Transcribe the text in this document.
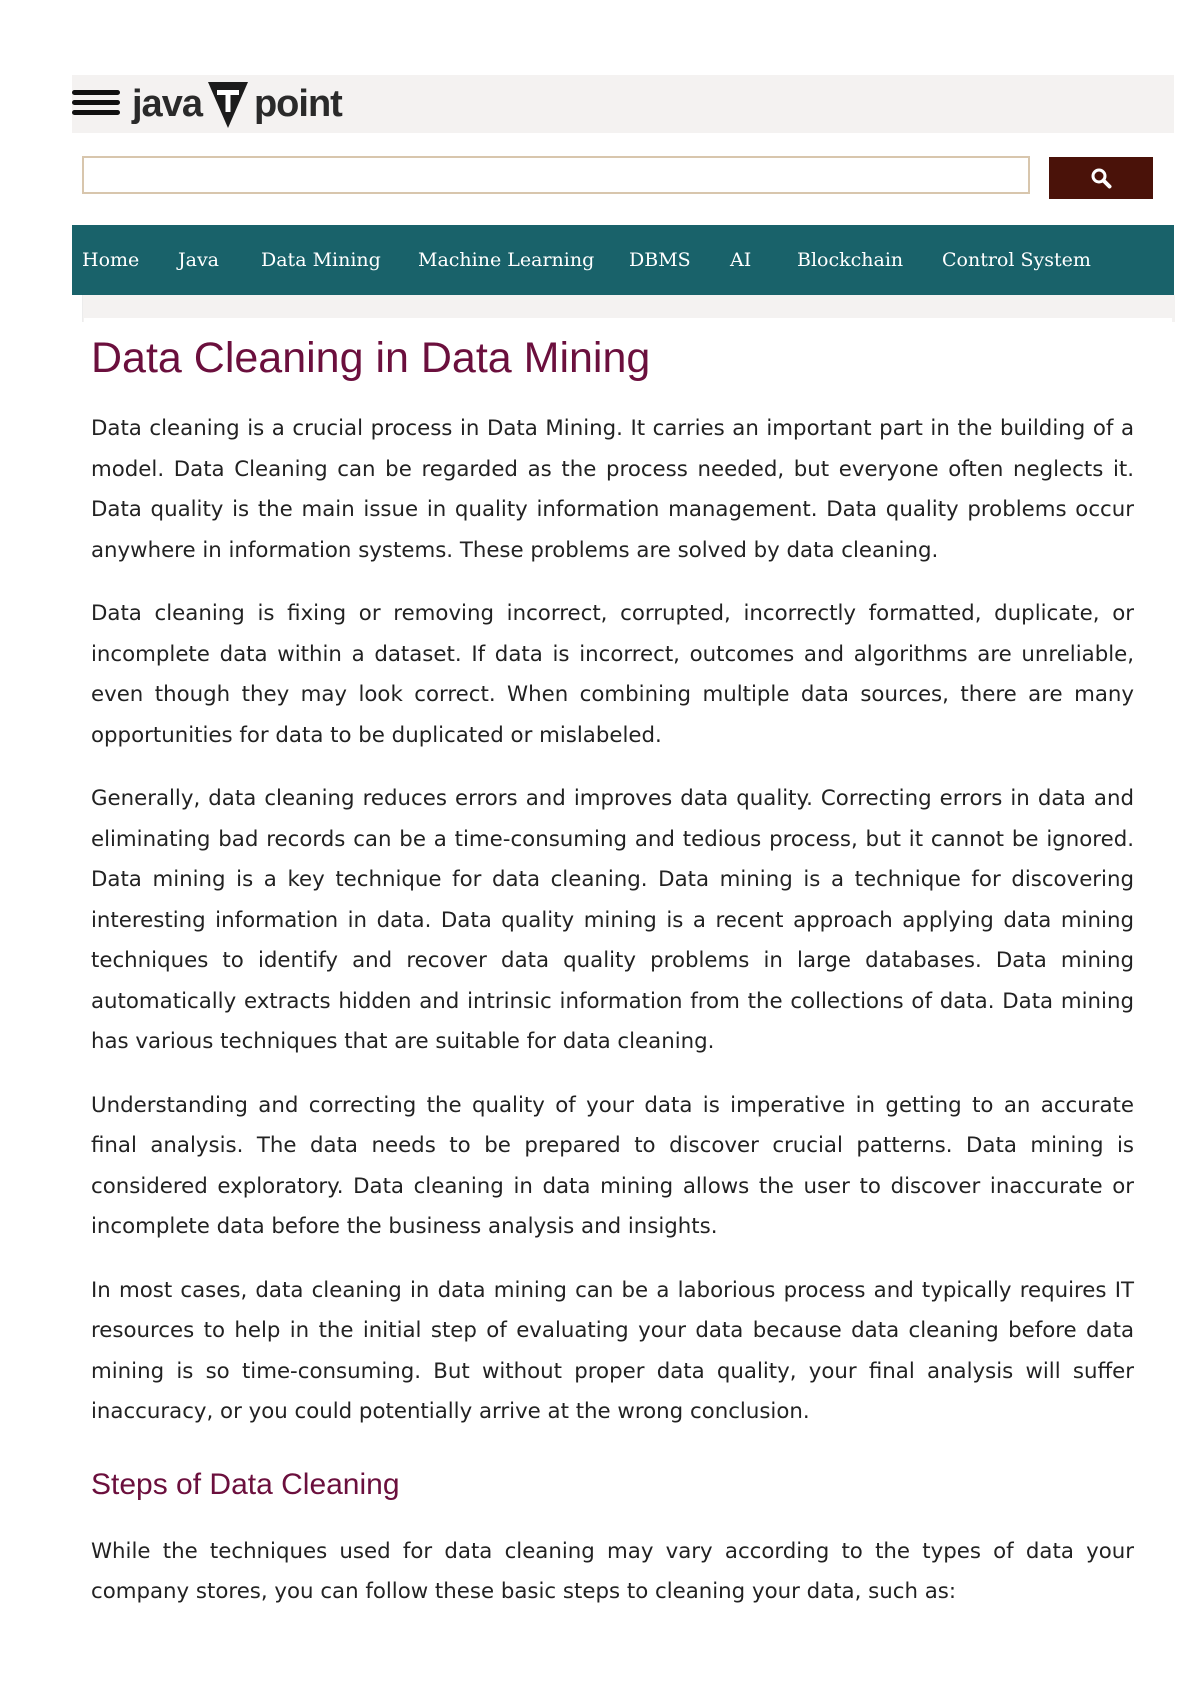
java point
Home Java Data Mining Machine Learning DBMS AI Blockchain Control System
Data Cleaning in Data Mining

Data cleaning is a crucial process in Data Mining. It carries an important part in the building of a model. Data Cleaning can be regarded as the process needed, but everyone often neglects it. Data quality is the main issue in quality information management. Data quality problems occur anywhere in information systems. These problems are solved by data cleaning.

Data cleaning is fixing or removing incorrect, corrupted, incorrectly formatted, duplicate, or incomplete data within a dataset. If data is incorrect, outcomes and algorithms are unreliable, even though they may look correct. When combining multiple data sources, there are many opportunities for data to be duplicated or mislabeled.

Generally, data cleaning reduces errors and improves data quality. Correcting errors in data and eliminating bad records can be a time-consuming and tedious process, but it cannot be ignored. Data mining is a key technique for data cleaning. Data mining is a technique for discovering interesting information in data. Data quality mining is a recent approach applying data mining techniques to identify and recover data quality problems in large databases. Data mining automatically extracts hidden and intrinsic information from the collections of data. Data mining has various techniques that are suitable for data cleaning.

Understanding and correcting the quality of your data is imperative in getting to an accurate final analysis. The data needs to be prepared to discover crucial patterns. Data mining is considered exploratory. Data cleaning in data mining allows the user to discover inaccurate or incomplete data before the business analysis and insights.

In most cases, data cleaning in data mining can be a laborious process and typically requires IT resources to help in the initial step of evaluating your data because data cleaning before data mining is so time-consuming. But without proper data quality, your final analysis will suffer inaccuracy, or you could potentially arrive at the wrong conclusion.

Steps of Data Cleaning

While the techniques used for data cleaning may vary according to the types of data your company stores, you can follow these basic steps to cleaning your data, such as:
